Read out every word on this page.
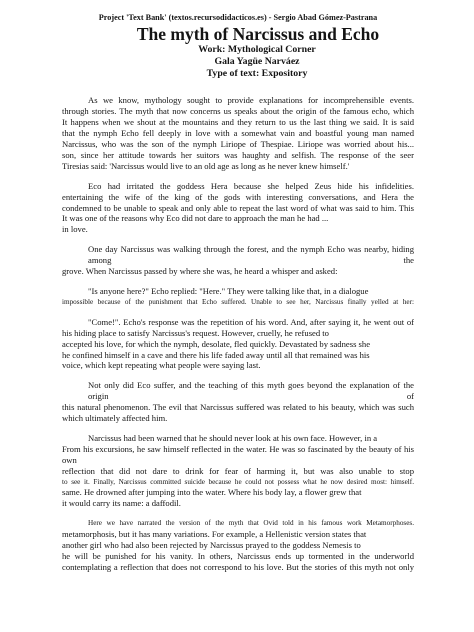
Project 'Text Bank' (textos.recursodidacticos.es) - Sergio Abad Gómez-Pastrana
The myth of Narcissus and Echo
Work: Mythological Corner
Gala Yagüe Narváez
Type of text: Expository

As we know, mythology sought to provide explanations for incomprehensible events.
through stories. The myth that now concerns us speaks about the origin of the famous echo, which
It happens when we shout at the mountains and they return to us the last thing we said. It is said
that the nymph Echo fell deeply in love with a somewhat vain and boastful young man named
Narcissus, who was the son of the nymph Liriope of Thespiae. Liriope was worried about his...
son, since her attitude towards her suitors was haughty and selfish. The response of the seer
Tiresias said: 'Narcissus would live to an old age as long as he never knew himself.'

Eco had irritated the goddess Hera because she helped Zeus hide his infidelities.
entertaining the wife of the king of the gods with interesting conversations, and Hera the
condemned to be unable to speak and only able to repeat the last word of what was said to him. This
It was one of the reasons why Eco did not dare to approach the man he had ...
in love.

One day Narcissus was walking through the forest, and the nymph Echo was nearby, hiding among the
grove. When Narcissus passed by where she was, he heard a whisper and asked:

"Is anyone here?" Echo replied: "Here." They were talking like that, in a dialogue
impossible because of the punishment that Echo suffered. Unable to see her, Narcissus finally yelled at her:

"Come!". Echo's response was the repetition of his word. And, after saying it, he went out of
his hiding place to satisfy Narcissus's request. However, cruelly, he refused to
accepted his love, for which the nymph, desolate, fled quickly. Devastated by sadness she
he confined himself in a cave and there his life faded away until all that remained was his
voice, which kept repeating what people were saying last.

Not only did Eco suffer, and the teaching of this myth goes beyond the explanation of the origin of
this natural phenomenon. The evil that Narcissus suffered was related to his beauty, which was such
which ultimately affected him.

Narcissus had been warned that he should never look at his own face. However, in a
From his excursions, he saw himself reflected in the water. He was so fascinated by the beauty of his own
reflection that did not dare to drink for fear of harming it, but was also unable to stop
to see it. Finally, Narcissus committed suicide because he could not possess what he now desired most: himself.
same. He drowned after jumping into the water. Where his body lay, a flower grew that
it would carry its name: a daffodil.

Here we have narrated the version of the myth that Ovid told in his famous work Metamorphoses.
metamorphosis, but it has many variations. For example, a Hellenistic version states that
another girl who had also been rejected by Narcissus prayed to the goddess Nemesis to
he will be punished for his vanity. In others, Narcissus ends up tormented in the underworld
contemplating a reflection that does not correspond to his love. But the stories of this myth not only
